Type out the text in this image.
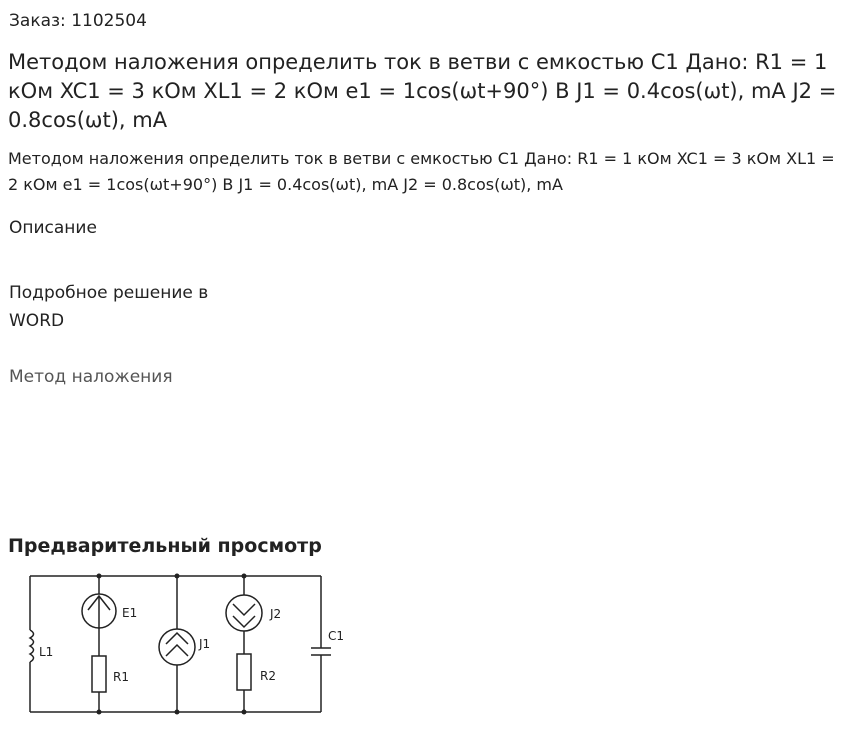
Заказ: 1102504
Методом наложения определить ток в ветви с емкостью С1 Дано: R1 = 1 кОм XC1 = 3 кОм XL1 = 2 кОм e1 = 1cos(ωt+90°) В J1 = 0.4cos(ωt), mA J2 = 0.8cos(ωt), mA

Методом наложения определить ток в ветви с емкостью С1 Дано: R1 = 1 кОм XC1 = 3 кОм XL1 = 2 кОм e1 = 1cos(ωt+90°) В J1 = 0.4cos(ωt), mA J2 = 0.8cos(ωt), mA

Описание
Подробное решение в WORD
Метод наложения
Предварительный просмотр
E1
R1
L1
J1
J2
R2
C1
